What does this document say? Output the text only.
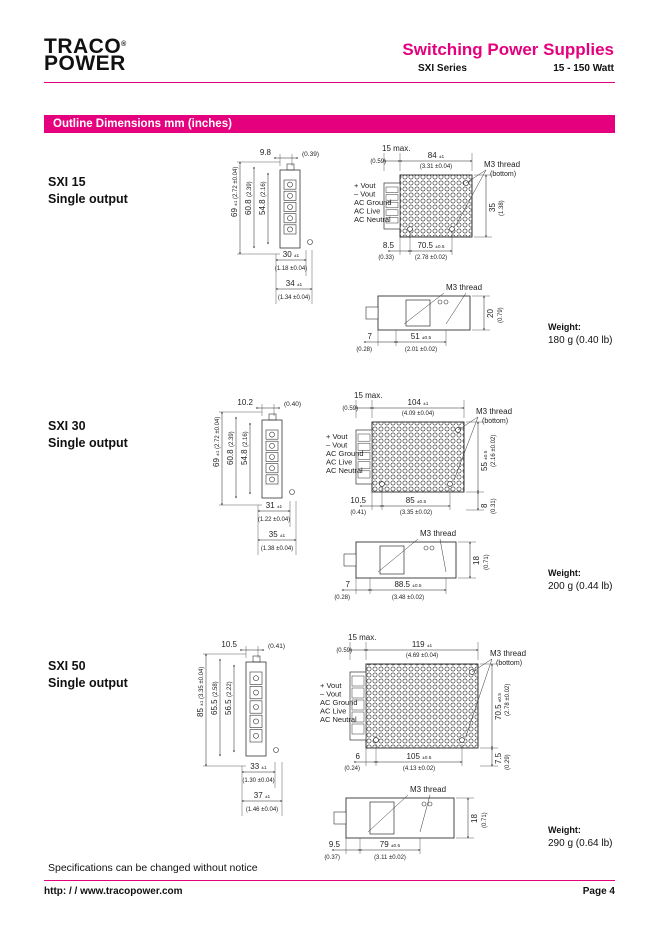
TRACO®
POWER
Switching Power Supplies
SXI Series	15 - 150 Watt
Outline Dimensions mm (inches)
SXI 15
Single output
SXI 30
Single output
SXI 50
Single output
Weight:
180 g (0.40 lb)
Weight:
200 g (0.44 lb)
Weight:
290 g (0.64 lb)
9.8	(0.39)
69 ±1
(2.72 ±0.04)
60.8
(2.39)
54.8
(2.16)
30 ±1
(1.18 ±0.04)
34 ±1
(1.34 ±0.04)
+ Vout
– Vout
AC Ground
AC Live
AC Neutral
15 max.
(0.59)
84 ±1
(3.31 ±0.04)	M3 thread
(bottom)
35 (1.38)
8.5
(0.33)
70.5 ±0.5
(2.78 ±0.02)
M3 thread
20 (0.79)
7
(0.28)
51 ±0.5
(2.01 ±0.02)
10.2	(0.40)
69 ±1
(2.72 ±0.04)
60.8
(2.39)
54.8
(2.16)
31 ±1
(1.22 ±0.04)
35 ±1
(1.38 ±0.04)
+ Vout
– Vout
AC Ground
AC Live
AC Neutral
15 max.
(0.59)
104 ±1
(4.09 ±0.04)	M3 thread
(bottom)
55 ±0.5 (2.16 ±0.02)
8 (0.31)
10.5
(0.41)
85 ±0.5
(3.35 ±0.02)
M3 thread
18 (0.71)
7
(0.28)
88.5 ±0.5
(3.48 ±0.02)
10.5	(0.41)
85 ±1
(3.35 ±0.04)
65.5
(2.58)
56.5
(2.22)
33 ±1
(1.30 ±0.04)
37 ±1
(1.46 ±0.04)
+ Vout
– Vout
AC Ground
AC Live
AC Neutral
15 max.
(0.59)
119 ±1
(4.69 ±0.04)	M3 thread
(bottom)
70.5 ±0.5 (2.78 ±0.02)
7.5 (0.29)
6
(0.24)
105 ±0.5
(4.13 ±0.02)
M3 thread
18 (0.71)
9.5
(0.37)
79 ±0.5
(3.11 ±0.02)
Specifications can be changed without notice
http: / / www.tracopower.com	Page 4
